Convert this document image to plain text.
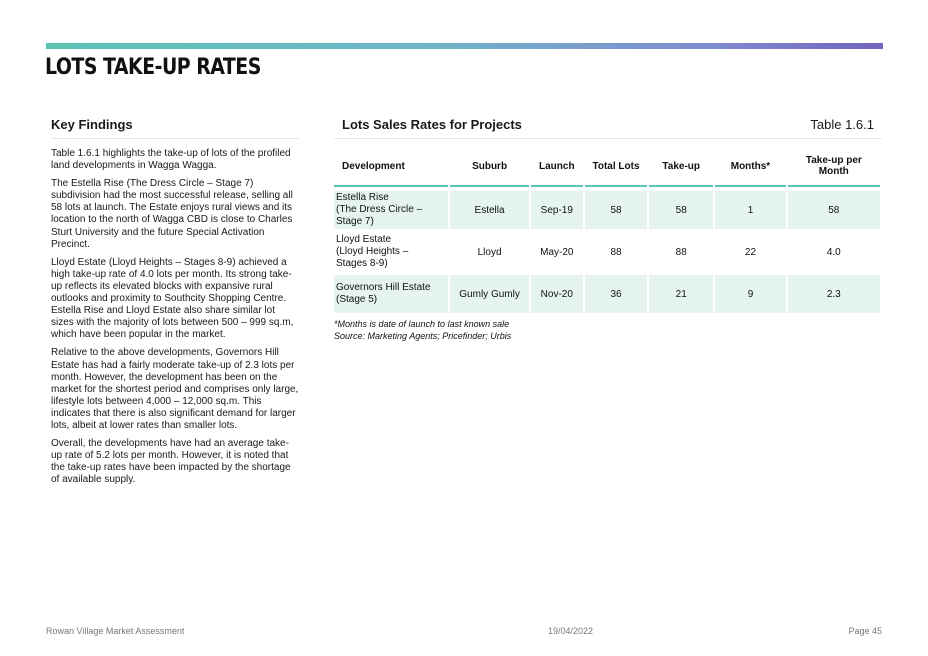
LOTS TAKE-UP RATES
Key Findings

Table 1.6.1 highlights the take-up of lots of the profiled land developments in Wagga Wagga.

The Estella Rise (The Dress Circle – Stage 7) subdivision had the most successful release, selling all 58 lots at launch. The Estate enjoys rural views and its location to the north of Wagga CBD is close to Charles Sturt University and the future Special Activation Precinct.

Lloyd Estate (Lloyd Heights – Stages 8-9) achieved a high take-up rate of 4.0 lots per month. Its strong take-up reflects its elevated blocks with expansive rural outlooks and proximity to Southcity Shopping Centre. Estella Rise and Lloyd Estate also share similar lot sizes with the majority of lots between 500 – 999 sq.m, which have been popular in the market.

Relative to the above developments, Governors Hill Estate has had a fairly moderate take-up of 2.3 lots per month. However, the development has been on the market for the shortest period and comprises only large, lifestyle lots between 4,000 – 12,000 sq.m. This indicates that there is also significant demand for larger lots, albeit at lower rates than smaller lots.

Overall, the developments have had an average take-up rate of 5.2 lots per month. However, it is noted that the take-up rates have been impacted by the shortage of available supply.

Lots Sales Rates for Projects	Table 1.6.1
Development	Suburb	Launch	Total Lots	Take-up	Months*	Take-up per Month

Estella Rise
(The Dress Circle –
Stage 7)	Estella	Sep-19	58	58	1	58

Lloyd Estate
(Lloyd Heights –
Stages 8-9)	Lloyd	May-20	88	88	22	4.0

Governors Hill Estate
(Stage 5)	Gumly Gumly	Nov-20	36	21	9	2.3
*Months is date of launch to last known sale
Source: Marketing Agents; Pricefinder; Urbis
Rowan Village Market Assessment	19/04/2022	Page 45
